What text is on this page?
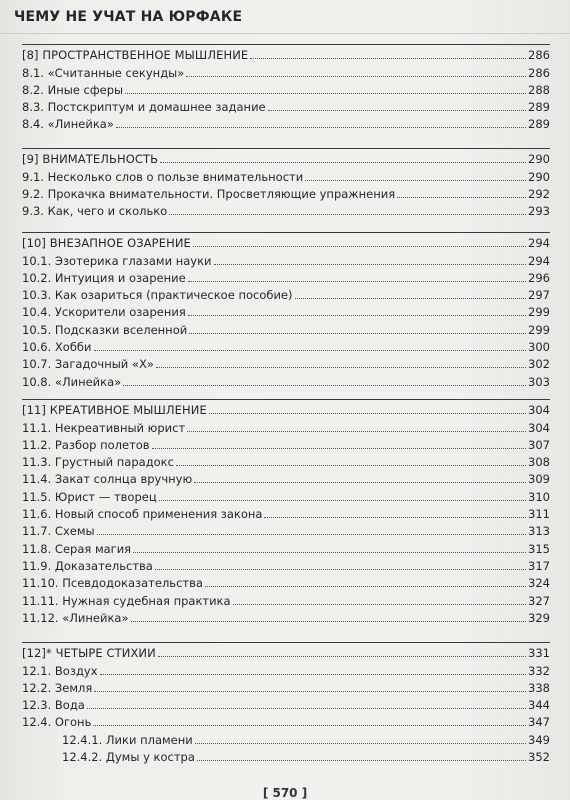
ЧЕМУ НЕ УЧАТ НА ЮРФАКЕ
[8] ПРОСТРАНСТВЕННОЕ МЫШЛЕНИЕ	286
8.1. «Считанные секунды»	286
8.2. Иные сферы	288
8.3. Постскриптум и домашнее задание	289
8.4. «Линейка»	289
[9] ВНИМАТЕЛЬНОСТЬ	290
9.1. Несколько слов о пользе внимательности	290
9.2. Прокачка внимательности. Просветляющие упражнения	292
9.3. Как, чего и сколько	293
[10] ВНЕЗАПНОЕ ОЗАРЕНИЕ	294
10.1. Эзотерика глазами науки	294
10.2. Интуиция и озарение	296
10.3. Как озариться (практическое пособие)	297
10.4. Ускорители озарения	299
10.5. Подсказки вселенной	299
10.6. Хобби	300
10.7. Загадочный «Х»	302
10.8. «Линейка»	303
[11] КРЕАТИВНОЕ МЫШЛЕНИЕ	304
11.1. Некреативный юрист	304
11.2. Разбор полетов	307
11.3. Грустный парадокс	308
11.4. Закат солнца вручную	309
11.5. Юрист — творец	310
11.6. Новый способ применения закона	311
11.7. Схемы	313
11.8. Серая магия	315
11.9. Доказательства	317
11.10. Псевдодоказательства	324
11.11. Нужная судебная практика	327
11.12. «Линейка»	329
[12]* ЧЕТЫРЕ СТИХИИ	331
12.1. Воздух	332
12.2. Земля	338
12.3. Вода	344
12.4. Огонь	347
12.4.1. Лики пламени	349
12.4.2. Думы у костра	352
[ 570 ]
